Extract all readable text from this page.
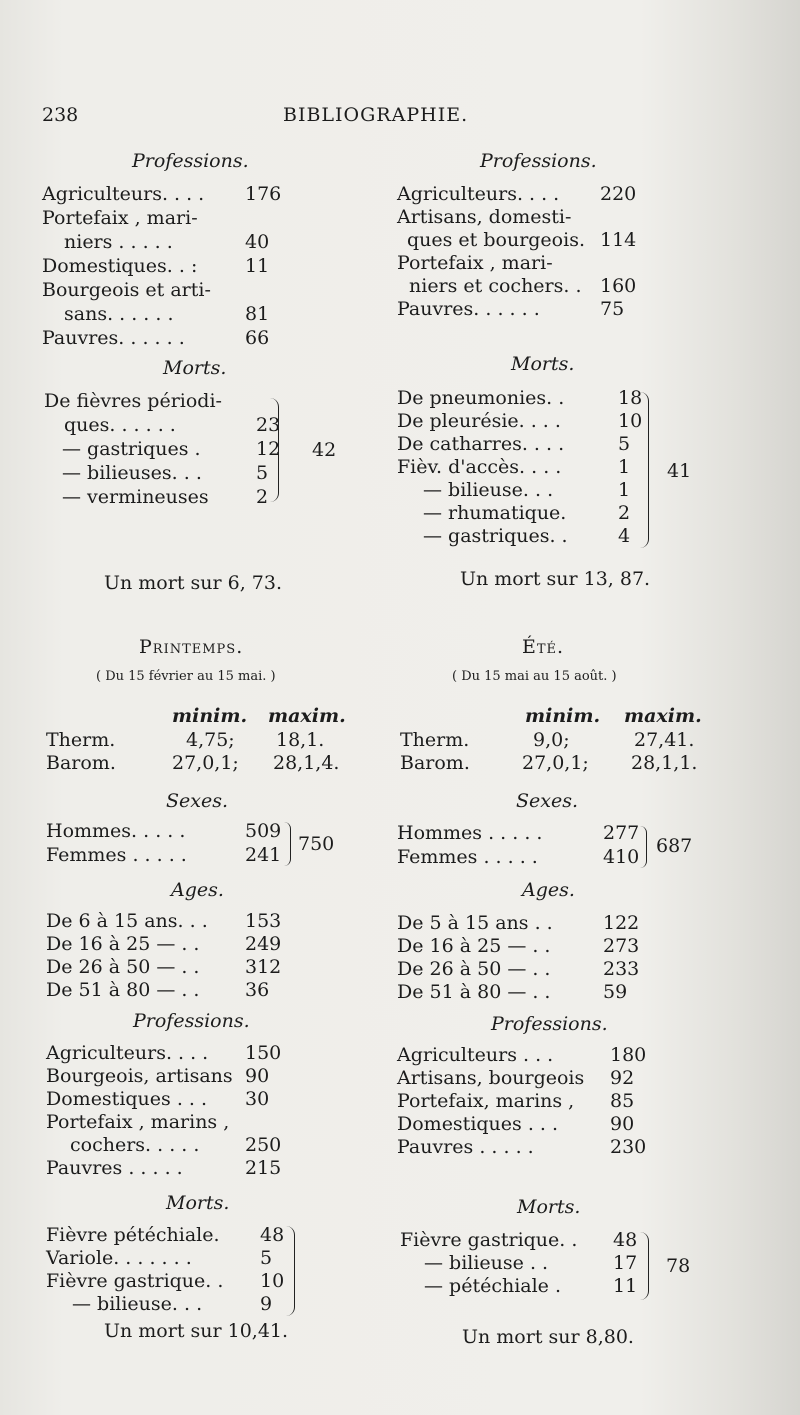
238	BIBLIOGRAPHIE.
Professions.
Agriculteurs. . . . 176
Portefaix , mari-
niers . . . . .	40
Domestiques. . :	11
Bourgeois et arti-
sans. . . . . .	81
Pauvres. . . . . .	66
Morts.
De fièvres périodi-
ques. . . . . .	23
— gastriques .	12
— bilieuses. . .	5
— vermineuses 2
42
Un mort sur 6, 73.
Professions.
Agriculteurs. . . . 220
Artisans, domesti-
ques et bourgeois. 114
Portefaix , mari-
niers et cochers. . 160
Pauvres. . . . . .	75
Morts.
De pneumonies. .	18
De pleurésie. . . .	10
De catharres. . . .	5
Fièv. d'accès. . . .	1
— bilieuse. . .	1
— rhumatique.	2
— gastriques. .	4
41
Un mort sur 13, 87.
Printemps.
( Du 15 février au 15 mai. )
minim. maxim.
Therm.	4,75; 18,1.
Barom.	27,0,1; 28,1,4.
Sexes.
Hommes. . . . .	509
Femmes . . . . .	241 750
Ages.
De 6 à 15 ans. . . 153
De 16 à 25 — . . 249
De 26 à 50 — . . 312
De 51 à 80 — . . 36
Professions.
Agriculteurs. . . . 150
Bourgeois, artisans 90
Domestiques . . . 30
Portefaix , marins ,
cochers. . . . . 250
Pauvres . . . . .	215
Morts.
Fièvre pétéchiale. 48
Variole. . . . . . .	5
Fièvre gastrique. . 10
— bilieuse. . .	9
Un mort sur 10,41.
Été.
( Du 15 mai au 15 août. )
minim. maxim.
Therm.	9,0;	27,41.
Barom.	27,0,1; 28,1,1.
Sexes.
Hommes . . . . .	277
Femmes . . . . .	410 687
Ages.
De 5 à 15 ans . .	122
De 16 à 25 — . .	273
De 26 à 50 — . .	233
De 51 à 80 — . .	59
Professions.
Agriculteurs . . .	180
Artisans, bourgeois 92
Portefaix, marins , 85
Domestiques . . .	90
Pauvres . . . . .	230
Morts.
Fièvre gastrique. . 48
— bilieuse . .	17
— pétéchiale .	11
78
Un mort sur 8,80.
